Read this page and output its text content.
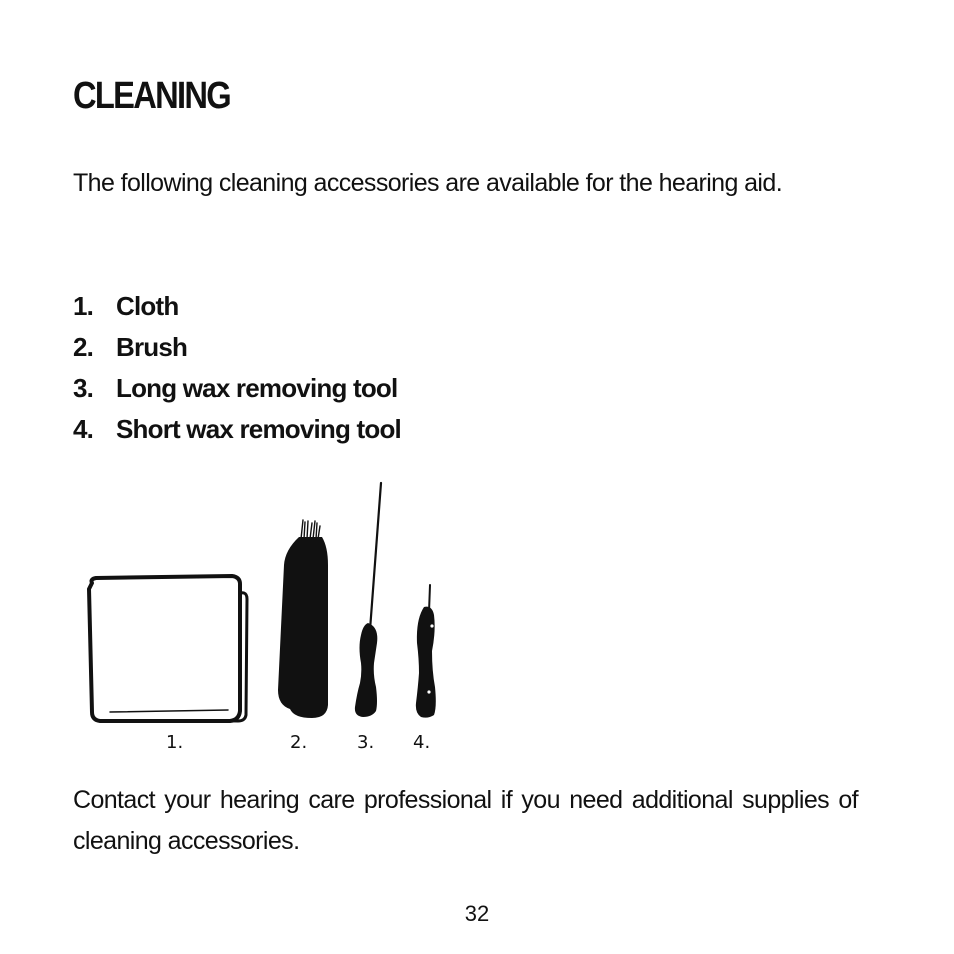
CLEANING

The following cleaning accessories are available for the hearing aid.

1. Cloth
2. Brush
3. Long wax removing tool
4. Short wax removing tool
1.	2.	3. 4.

Contact your hearing care professional if you need additional supplies of cleaning accessories.

32
